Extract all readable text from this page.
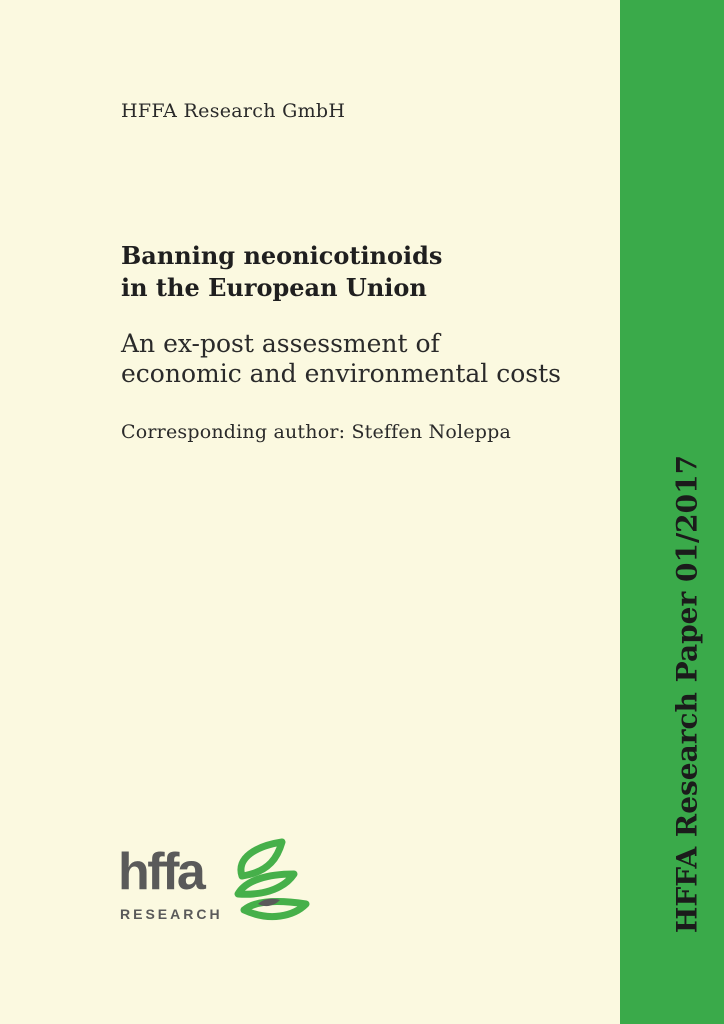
HFFA Research GmbH
Banning neonicotinoids
in the European Union
An ex-post assessment of
economic and environmental costs
Corresponding author: Steffen Noleppa
hffa
RESEARCH	HFFA Research Paper 01/2017
